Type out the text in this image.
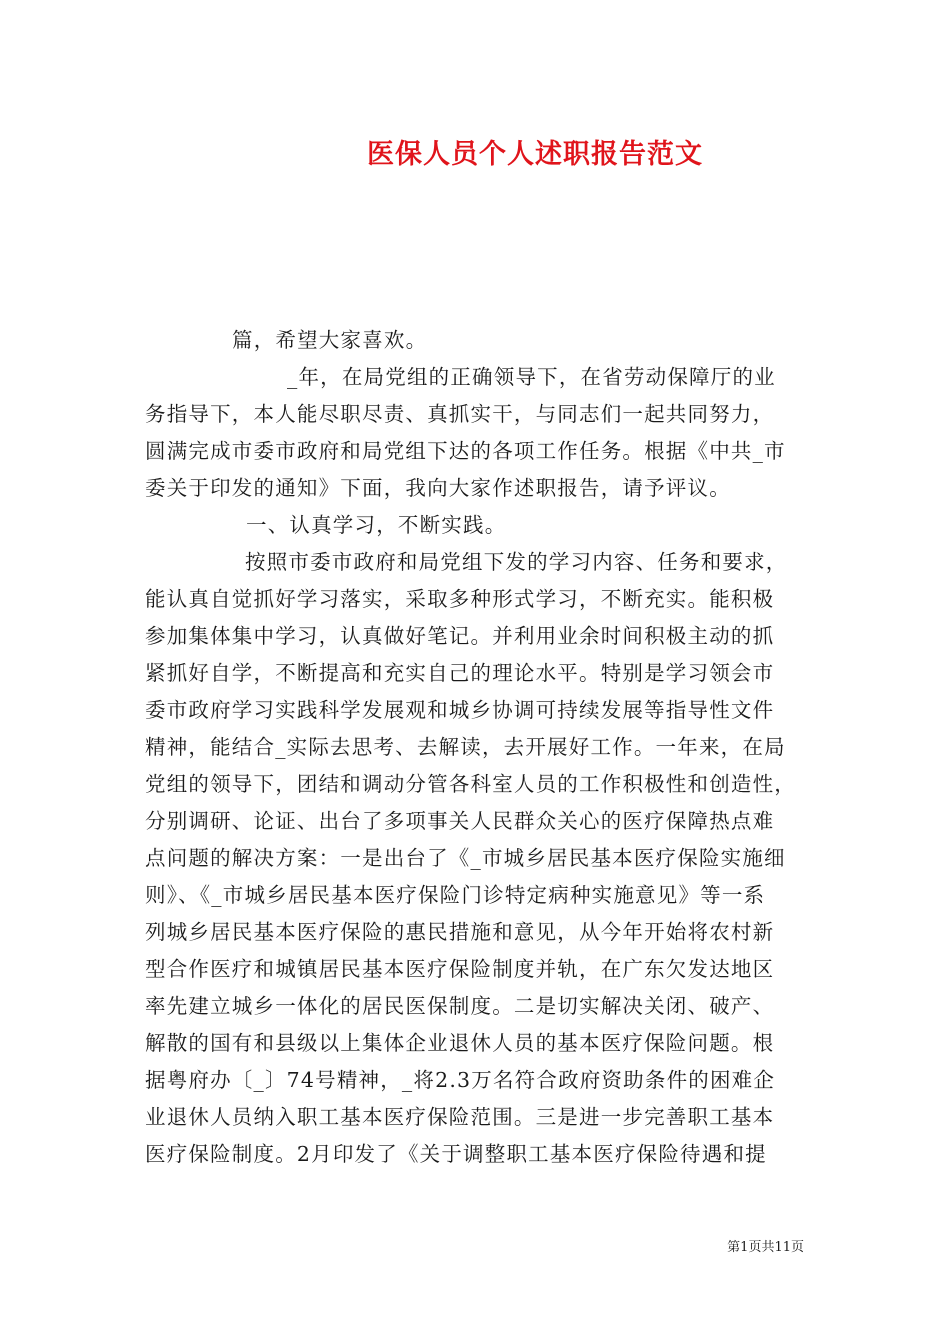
医保人员个人述职报告范文
篇，希望大家喜欢。
_年，在局党组的正确领导下，在省劳动保障厅的业
务指导下，本人能尽职尽责、真抓实干，与同志们一起共同努力，
圆满完成市委市政府和局党组下达的各项工作任务。根据《中共_市
委关于印发的通知》下面，我向大家作述职报告，请予评议。
一、认真学习，不断实践。
按照市委市政府和局党组下发的学习内容、任务和要求，
能认真自觉抓好学习落实，采取多种形式学习，不断充实。能积极
参加集体集中学习，认真做好笔记。并利用业余时间积极主动的抓
紧抓好自学，不断提高和充实自己的理论水平。特别是学习领会市
委市政府学习实践科学发展观和城乡协调可持续发展等指导性文件
精神，能结合_实际去思考、去解读，去开展好工作。一年来，在局
党组的领导下，团结和调动分管各科室人员的工作积极性和创造性，
分别调研、论证、出台了多项事关人民群众关心的医疗保障热点难
点问题的解决方案：一是出台了《_市城乡居民基本医疗保险实施细
则》、《_市城乡居民基本医疗保险门诊特定病种实施意见》等一系
列城乡居民基本医疗保险的惠民措施和意见，从今年开始将农村新
型合作医疗和城镇居民基本医疗保险制度并轨，在广东欠发达地区
率先建立城乡一体化的居民医保制度。二是切实解决关闭、破产、
解散的国有和县级以上集体企业退休人员的基本医疗保险问题。根
据粤府办〔_〕74号精神，_将2.3万名符合政府资助条件的困难企
业退休人员纳入职工基本医疗保险范围。三是进一步完善职工基本
医疗保险制度。2月印发了《关于调整职工基本医疗保险待遇和提
第1页共11页
